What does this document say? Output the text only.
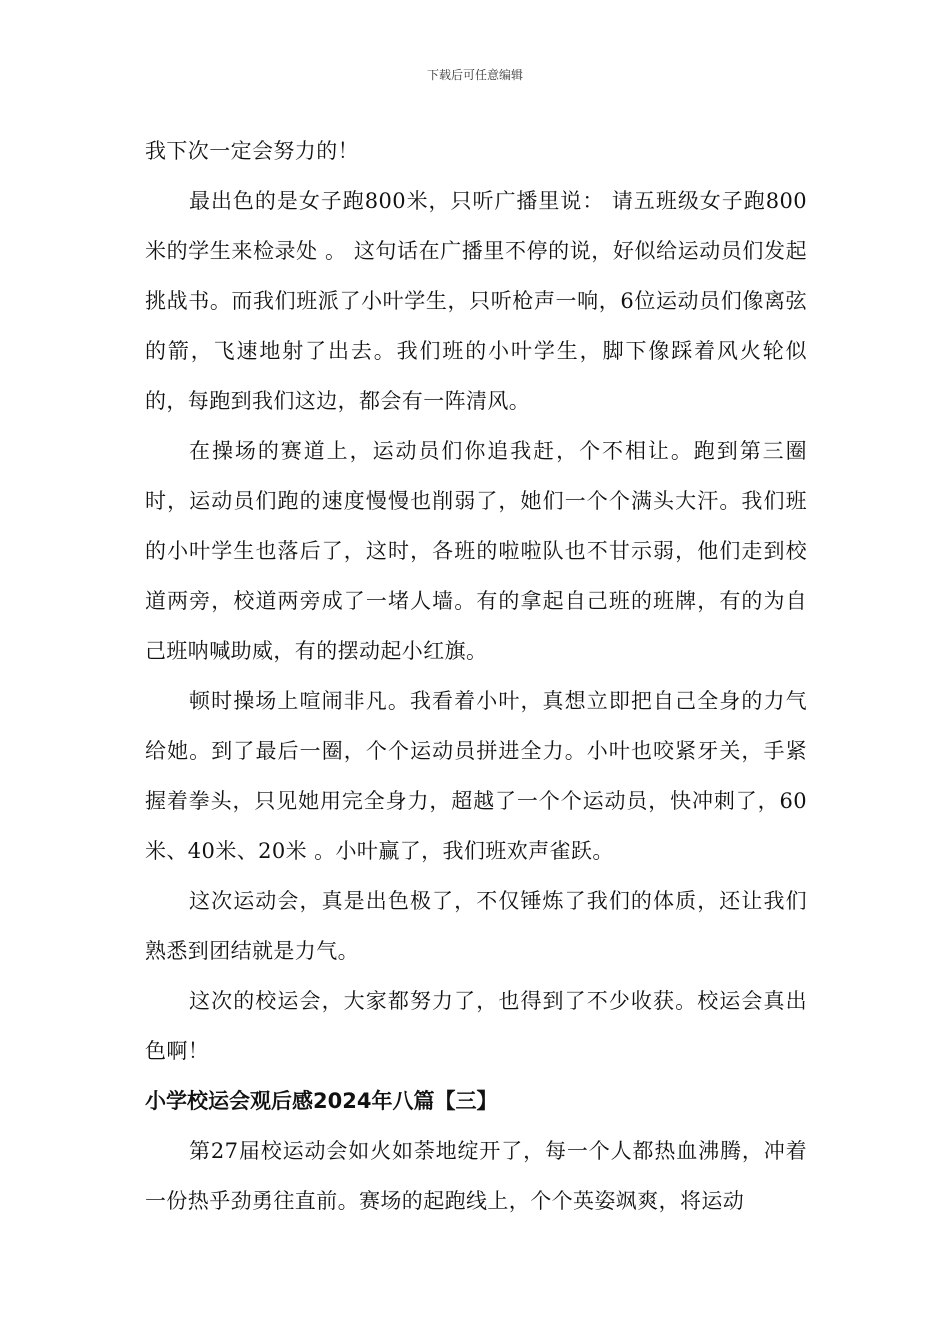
下载后可任意编辑

我下次一定会努力的！

最出色的是女子跑800米，只听广播里说： 请五班级女子跑800米的学生来检录处 。 这句话在广播里不停的说，好似给运动员们发起挑战书。而我们班派了小叶学生，只听枪声一响，6位运动员们像离弦的箭，飞速地射了出去。我们班的小叶学生，脚下像踩着风火轮似的，每跑到我们这边，都会有一阵清风。

在操场的赛道上，运动员们你追我赶，个不相让。跑到第三圈时，运动员们跑的速度慢慢也削弱了，她们一个个满头大汗。我们班的小叶学生也落后了，这时，各班的啦啦队也不甘示弱，他们走到校道两旁，校道两旁成了一堵人墙。有的拿起自己班的班牌，有的为自己班呐喊助威，有的摆动起小红旗。

顿时操场上喧闹非凡。我看着小叶，真想立即把自己全身的力气给她。到了最后一圈，个个运动员拼进全力。小叶也咬紧牙关，手紧握着拳头，只见她用完全身力，超越了一个个运动员，快冲刺了，60米、40米、20米 。小叶赢了，我们班欢声雀跃。

这次运动会，真是出色极了，不仅锤炼了我们的体质，还让我们熟悉到团结就是力气。

这次的校运会，大家都努力了，也得到了不少收获。校运会真出色啊！

小学校运会观后感2024年八篇【三】

第27届校运动会如火如荼地绽开了，每一个人都热血沸腾，冲着一份热乎劲勇往直前。赛场的起跑线上，个个英姿飒爽，将运动
